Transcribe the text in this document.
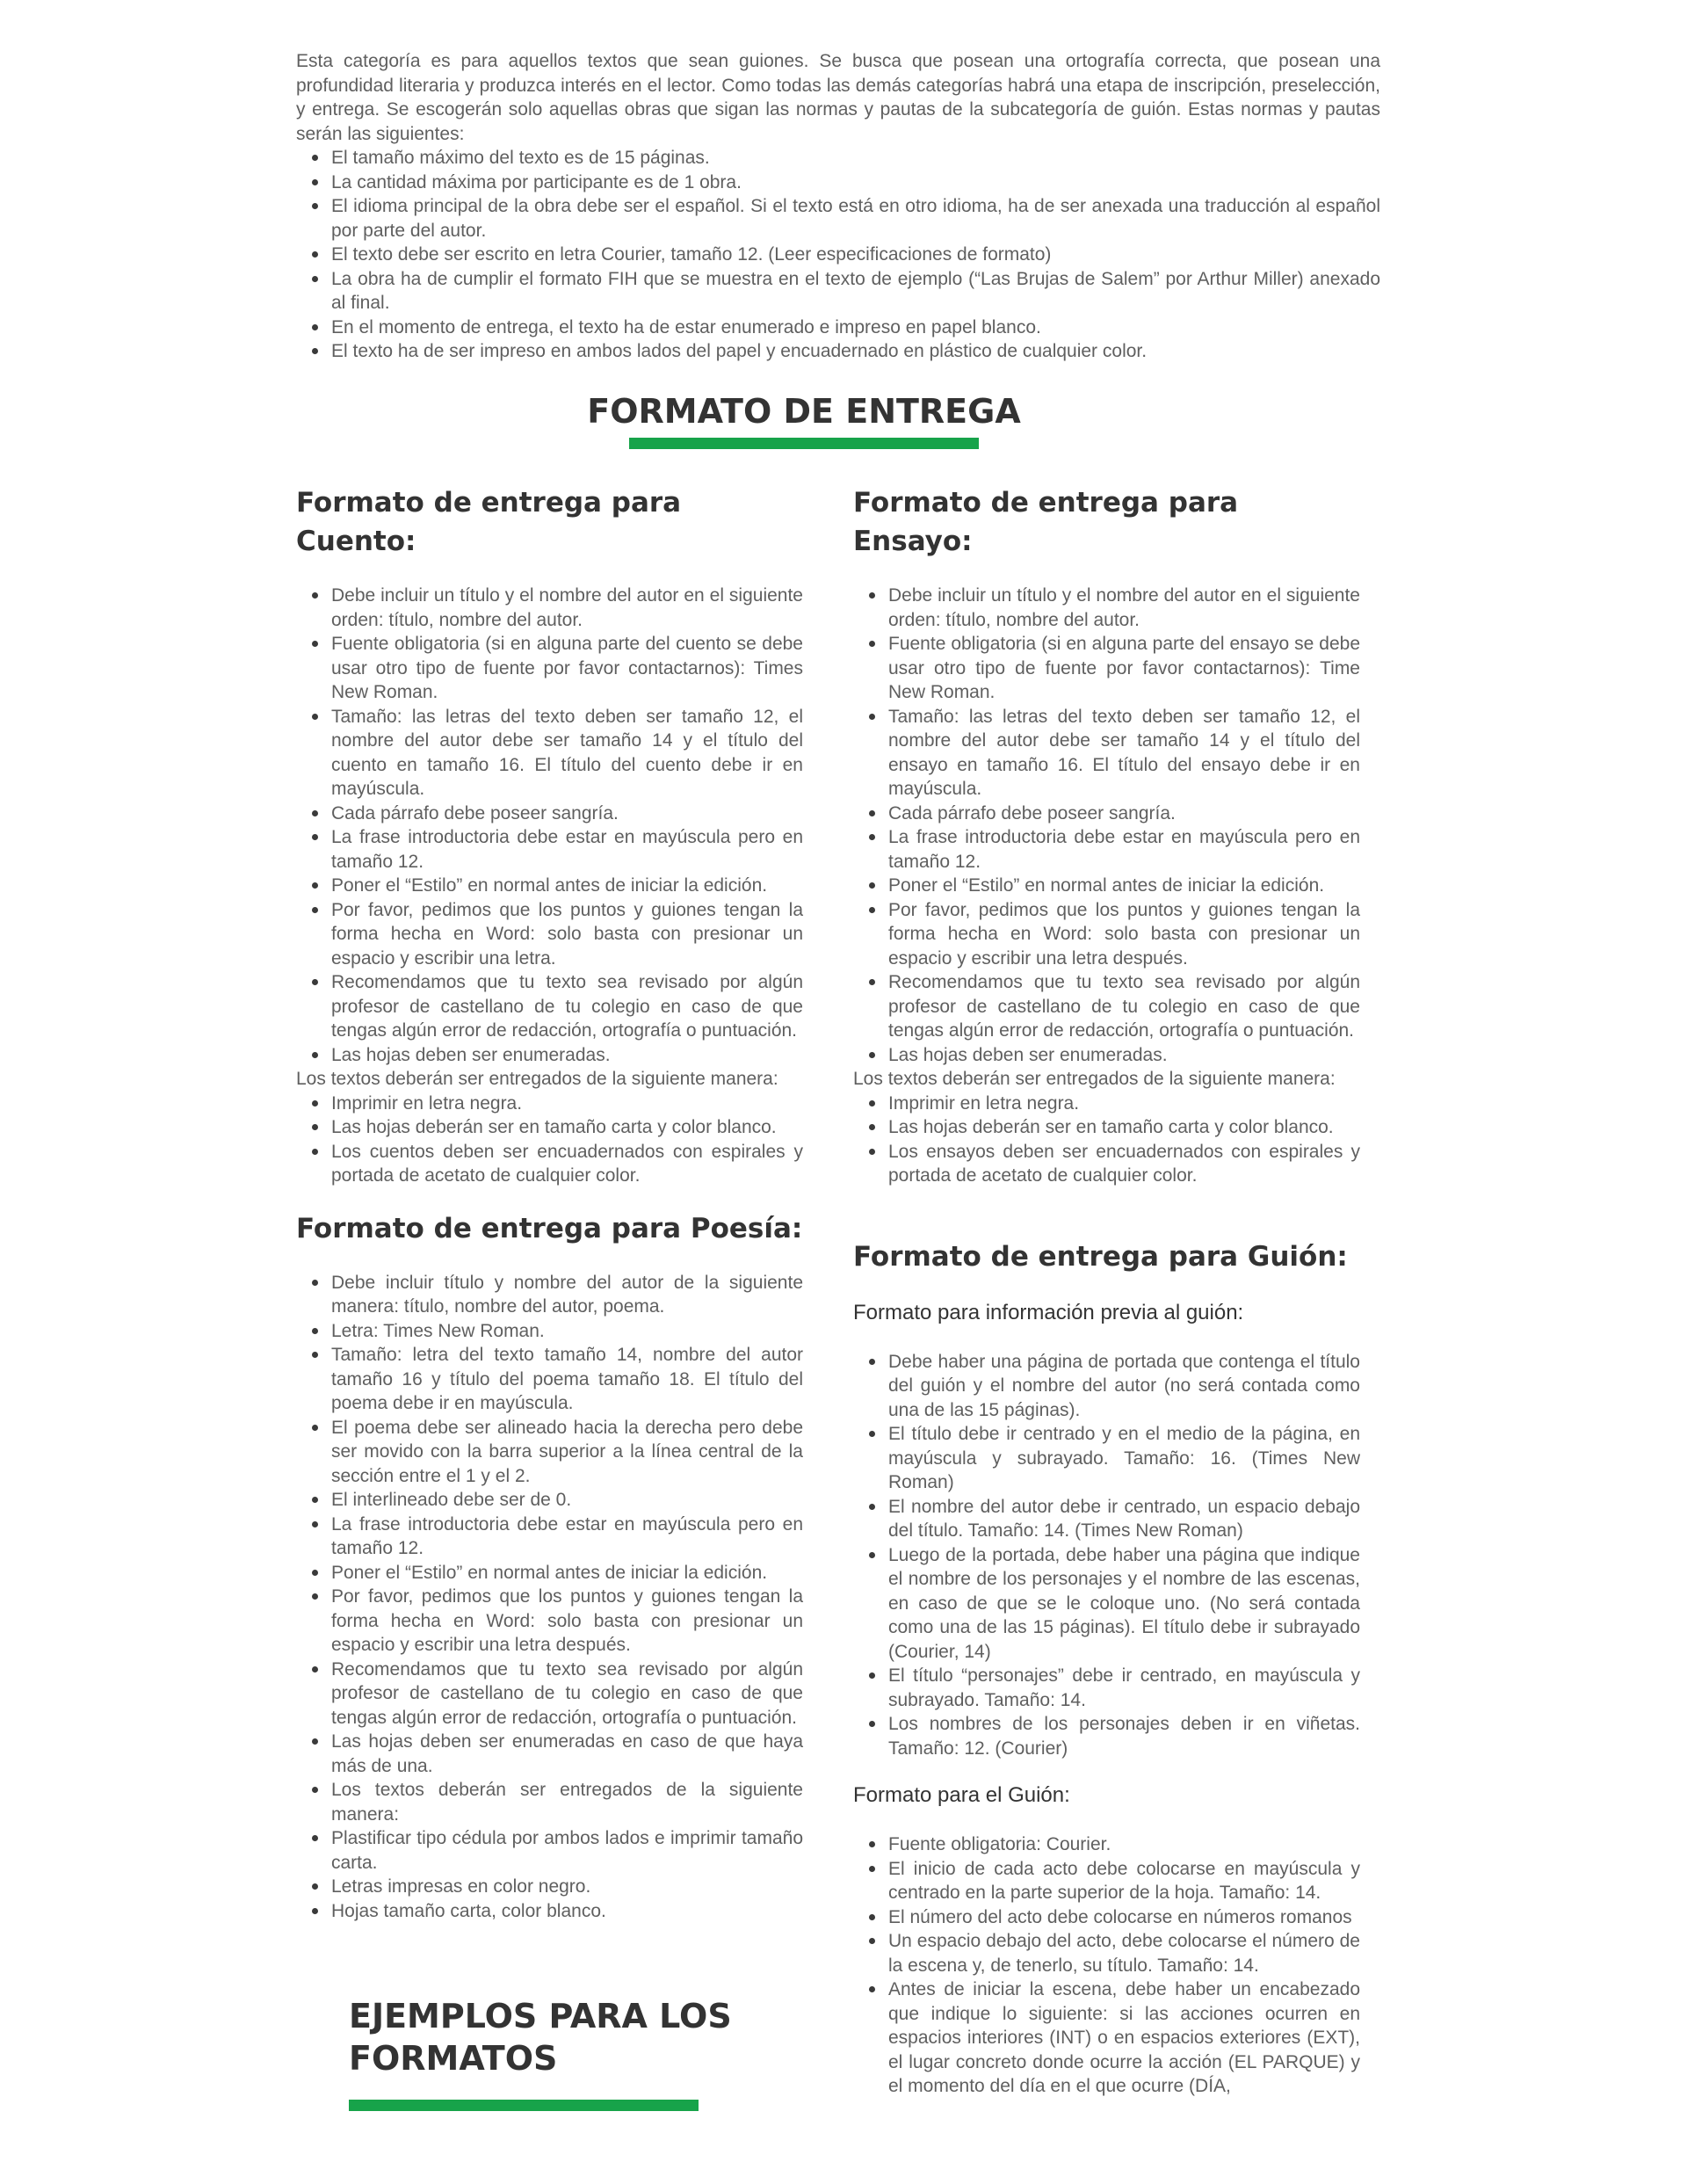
Esta categoría es para aquellos textos que sean guiones. Se busca que posean una ortografía correcta, que posean una profundidad literaria y produzca interés en el lector. Como todas las demás categorías habrá una etapa de inscripción, preselección, y entrega. Se escogerán solo aquellas obras que sigan las normas y pautas de la subcategoría de guión. Estas normas y pautas serán las siguientes:

El tamaño máximo del texto es de 15 páginas.
La cantidad máxima por participante es de 1 obra.
El idioma principal de la obra debe ser el español. Si el texto está en otro idioma, ha de ser anexada una traducción al español por parte del autor.
El texto debe ser escrito en letra Courier, tamaño 12. (Leer especificaciones de formato)
La obra ha de cumplir el formato FIH que se muestra en el texto de ejemplo (“Las Brujas de Salem” por Arthur Miller) anexado al final.
En el momento de entrega, el texto ha de estar enumerado e impreso en papel blanco.
El texto ha de ser impreso en ambos lados del papel y encuadernado en plástico de cualquier color.
FORMATO DE ENTREGA
Formato de entrega para Cuento:
Debe incluir un título y el nombre del autor en el siguiente orden: título, nombre del autor.
Fuente obligatoria (si en alguna parte del cuento se debe usar otro tipo de fuente por favor contactarnos): Times New Roman.
Tamaño: las letras del texto deben ser tamaño 12, el nombre del autor debe ser tamaño 14 y el título del cuento en tamaño 16. El título del cuento debe ir en mayúscula.
Cada párrafo debe poseer sangría.
La frase introductoria debe estar en mayúscula pero en tamaño 12.
Poner el “Estilo” en normal antes de iniciar la edición.
Por favor, pedimos que los puntos y guiones tengan la forma hecha en Word: solo basta con presionar un espacio y escribir una letra.
Recomendamos que tu texto sea revisado por algún profesor de castellano de tu colegio en caso de que tengas algún error de redacción, ortografía o puntuación.
Las hojas deben ser enumeradas.

Los textos deberán ser entregados de la siguiente manera:

Imprimir en letra negra.
Las hojas deberán ser en tamaño carta y color blanco.
Los cuentos deben ser encuadernados con espirales y portada de acetato de cualquier color.
Formato de entrega para Poesía:
Debe incluir título y nombre del autor de la siguiente manera: título, nombre del autor, poema.
Letra: Times New Roman.
Tamaño: letra del texto tamaño 14, nombre del autor tamaño 16 y título del poema tamaño 18. El título del poema debe ir en mayúscula.
El poema debe ser alineado hacia la derecha pero debe ser movido con la barra superior a la línea central de la sección entre el 1 y el 2.
El interlineado debe ser de 0.
La frase introductoria debe estar en mayúscula pero en tamaño 12.
Poner el “Estilo” en normal antes de iniciar la edición.
Por favor, pedimos que los puntos y guiones tengan la forma hecha en Word: solo basta con presionar un espacio y escribir una letra después.
Recomendamos que tu texto sea revisado por algún profesor de castellano de tu colegio en caso de que tengas algún error de redacción, ortografía o puntuación.
Las hojas deben ser enumeradas en caso de que haya más de una.
Los textos deberán ser entregados de la siguiente manera:
Plastificar tipo cédula por ambos lados e imprimir tamaño carta.
Letras impresas en color negro.
Hojas tamaño carta, color blanco.
EJEMPLOS PARA LOS FORMATOS
Formato de entrega para Ensayo:
Debe incluir un título y el nombre del autor en el siguiente orden: título, nombre del autor.
Fuente obligatoria (si en alguna parte del ensayo se debe usar otro tipo de fuente por favor contactarnos): Time New Roman.
Tamaño: las letras del texto deben ser tamaño 12, el nombre del autor debe ser tamaño 14 y el título del ensayo en tamaño 16. El título del ensayo debe ir en mayúscula.
Cada párrafo debe poseer sangría.
La frase introductoria debe estar en mayúscula pero en tamaño 12.
Poner el “Estilo” en normal antes de iniciar la edición.
Por favor, pedimos que los puntos y guiones tengan la forma hecha en Word: solo basta con presionar un espacio y escribir una letra después.
Recomendamos que tu texto sea revisado por algún profesor de castellano de tu colegio en caso de que tengas algún error de redacción, ortografía o puntuación.
Las hojas deben ser enumeradas.

Los textos deberán ser entregados de la siguiente manera:

Imprimir en letra negra.
Las hojas deberán ser en tamaño carta y color blanco.
Los ensayos deben ser encuadernados con espirales y portada de acetato de cualquier color.
Formato de entrega para Guión:

Formato para información previa al guión:

Debe haber una página de portada que contenga el título del guión y el nombre del autor (no será contada como una de las 15 páginas).
El título debe ir centrado y en el medio de la página, en mayúscula y subrayado. Tamaño: 16. (Times New Roman)
El nombre del autor debe ir centrado, un espacio debajo del título. Tamaño: 14. (Times New Roman)
Luego de la portada, debe haber una página que indique el nombre de los personajes y el nombre de las escenas, en caso de que se le coloque uno. (No será contada como una de las 15 páginas). El título debe ir subrayado (Courier, 14)
El título “personajes” debe ir centrado, en mayúscula y subrayado. Tamaño: 14.
Los nombres de los personajes deben ir en viñetas. Tamaño: 12. (Courier)

Formato para el Guión:

Fuente obligatoria: Courier.
El inicio de cada acto debe colocarse en mayúscula y centrado en la parte superior de la hoja. Tamaño: 14.
El número del acto debe colocarse en números romanos
Un espacio debajo del acto, debe colocarse el número de la escena y, de tenerlo, su título. Tamaño: 14.
Antes de iniciar la escena, debe haber un encabezado que indique lo siguiente: si las acciones ocurren en espacios interiores (INT) o en espacios exteriores (EXT), el lugar concreto donde ocurre la acción (EL PARQUE) y el momento del día en el que ocurre (DÍA,
